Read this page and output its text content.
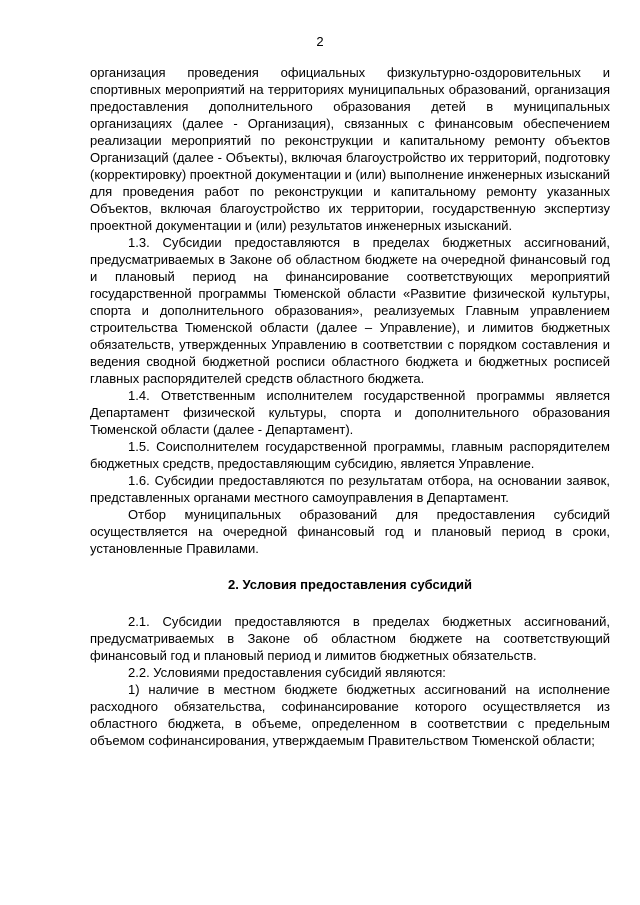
2

организация проведения официальных физкультурно-оздоровительных и спортивных мероприятий на территориях муниципальных образований, организация предоставления дополнительного образования детей в муниципальных организациях (далее - Организация), связанных с финансовым обеспечением реализации мероприятий по реконструкции и капитальному ремонту объектов Организаций (далее - Объекты), включая благоустройство их территорий, подготовку (корректировку) проектной документации и (или) выполнение инженерных изысканий для проведения работ по реконструкции и капитальному ремонту указанных Объектов, включая благоустройство их территории, государственную экспертизу проектной документации и (или) результатов инженерных изысканий.

1.3. Субсидии предоставляются в пределах бюджетных ассигнований, предусматриваемых в Законе об областном бюджете на очередной финансовый год и плановый период на финансирование соответствующих мероприятий государственной программы Тюменской области «Развитие физической культуры, спорта и дополнительного образования», реализуемых Главным управлением строительства Тюменской области (далее – Управление), и лимитов бюджетных обязательств, утвержденных Управлению в соответствии с порядком составления и ведения сводной бюджетной росписи областного бюджета и бюджетных росписей главных распорядителей средств областного бюджета.

1.4. Ответственным исполнителем государственной программы является Департамент физической культуры, спорта и дополнительного образования Тюменской области (далее - Департамент).

1.5. Соисполнителем государственной программы, главным распорядителем бюджетных средств, предоставляющим субсидию, является Управление.

1.6. Субсидии предоставляются по результатам отбора, на основании заявок, представленных органами местного самоуправления в Департамент.

Отбор муниципальных образований для предоставления субсидий осуществляется на очередной финансовый год и плановый период в сроки, установленные Правилами.

2. Условия предоставления субсидий

2.1. Субсидии предоставляются в пределах бюджетных ассигнований, предусматриваемых в Законе об областном бюджете на соответствующий финансовый год и плановый период и лимитов бюджетных обязательств.

2.2. Условиями предоставления субсидий являются:

1) наличие в местном бюджете бюджетных ассигнований на исполнение расходного обязательства, софинансирование которого осуществляется из областного бюджета, в объеме, определенном в соответствии с предельным объемом софинансирования, утверждаемым Правительством Тюменской области;
